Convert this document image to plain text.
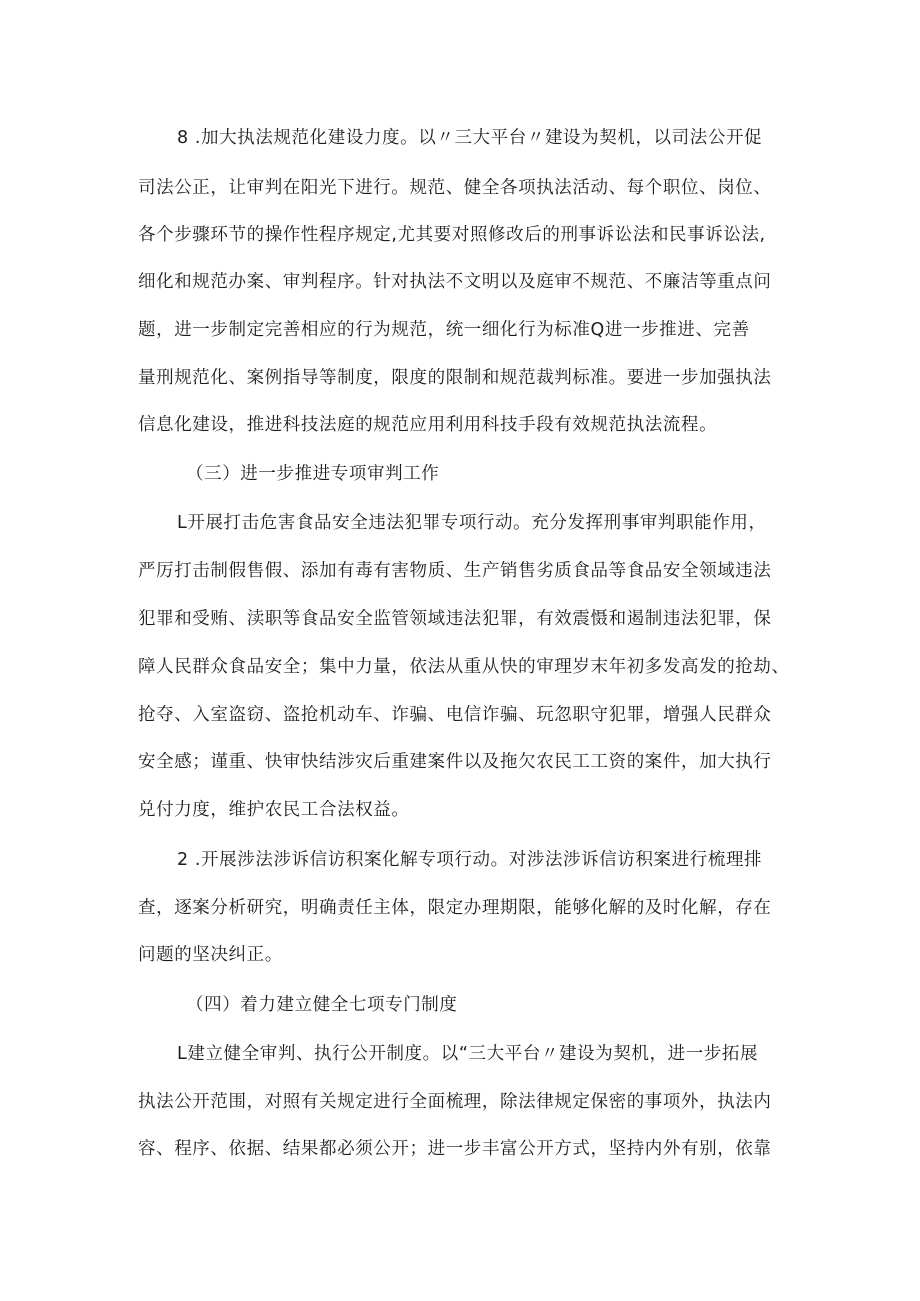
8 .加大执法规范化建设力度。以〃三大平台〃建设为契机，以司法公开促
司法公正，让审判在阳光下进行。规范、健全各项执法活动、每个职位、岗位、
各个步骤环节的操作性程序规定,尤其要对照修改后的刑事诉讼法和民事诉讼法,
细化和规范办案、审判程序。针对执法不文明以及庭审不规范、不廉洁等重点问
题，进一步制定完善相应的行为规范，统一细化行为标准Q进一步推进、完善
量刑规范化、案例指导等制度，限度的限制和规范裁判标准。要进一步加强执法
信息化建设，推进科技法庭的规范应用利用科技手段有效规范执法流程。
（三）进一步推进专项审判工作
L开展打击危害食品安全违法犯罪专项行动。充分发挥刑事审判职能作用，
严厉打击制假售假、添加有毒有害物质、生产销售劣质食品等食品安全领域违法
犯罪和受贿、渎职等食品安全监管领域违法犯罪，有效震慑和遏制违法犯罪，保
障人民群众食品安全；集中力量，依法从重从快的审理岁末年初多发高发的抢劫、
抢夺、入室盗窃、盗抢机动车、诈骗、电信诈骗、玩忽职守犯罪，增强人民群众
安全感；谨重、快审快结涉灾后重建案件以及拖欠农民工工资的案件，加大执行
兑付力度，维护农民工合法权益。
2 .开展涉法涉诉信访积案化解专项行动。对涉法涉诉信访积案进行梳理排
查，逐案分析研究，明确责任主体，限定办理期限，能够化解的及时化解，存在
问题的坚决纠正。
（四）着力建立健全七项专门制度
L建立健全审判、执行公开制度。以“三大平台〃建设为契机，进一步拓展
执法公开范围，对照有关规定进行全面梳理，除法律规定保密的事项外，执法内
容、程序、依据、结果都必须公开；进一步丰富公开方式，坚持内外有别，依靠
